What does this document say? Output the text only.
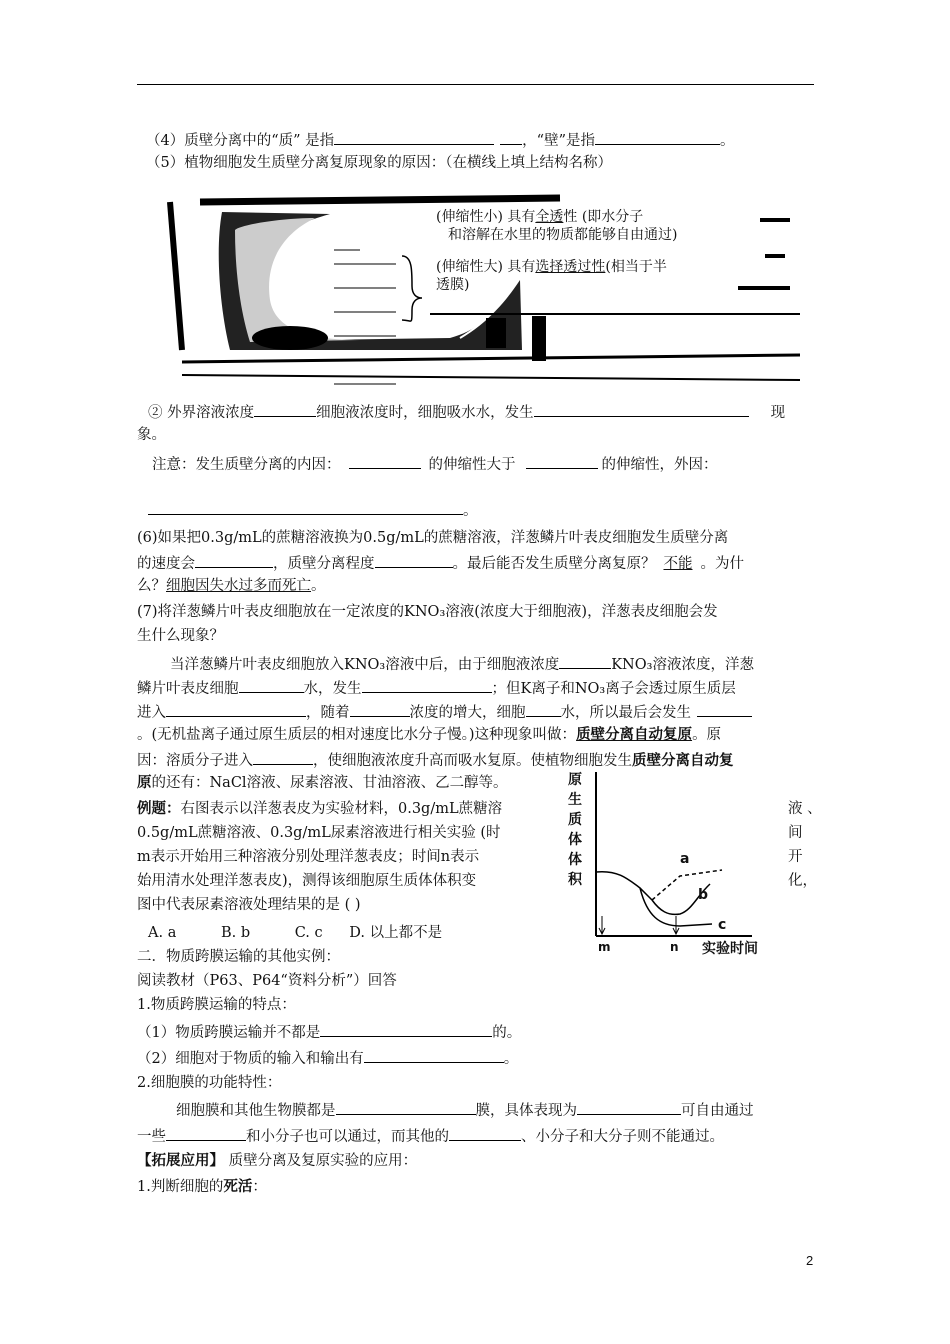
（4）质壁分离中的“质” 是指	，“壁”是指	。
（5）植物细胞发生质壁分离复原现象的原因：（在横线上填上结构名称）
(伸缩性小) 具有全透性 (即水分子
和溶解在水里的物质都能够自由通过)
(伸缩性大) 具有选择透过性(相当于半
透膜)
② 外界溶液浓度	细胞液浓度时，细胞吸水水，发生	现
象。
注意：发生质壁分离的内因：	的伸缩性大于	的伸缩性，外因：
。
(6)如果把0.3g/mL的蔗糖溶液换为0.5g/mL的蔗糖溶液，洋葱鳞片叶表皮细胞发生质壁分离
的速度会	，质壁分离程度	。最后能否发生质壁分离复原？ 不能 。为什
么？细胞因失水过多而死亡。
(7)将洋葱鳞片叶表皮细胞放在一定浓度的KNO₃溶液(浓度大于细胞液)，洋葱表皮细胞会发
生什么现象？
当洋葱鳞片叶表皮细胞放入KNO₃溶液中后，由于细胞液浓度	KNO₃溶液浓度，洋葱
鳞片叶表皮细胞	水，发生	；但K离子和NO₃离子会透过原生质层
进入	，随着	浓度的增大，细胞 水，所以最后会发生
。(无机盐离子通过原生质层的相对速度比水分子慢。)这种现象叫做：质壁分离自动复原。原
因：溶质分子进入	，使细胞液浓度升高而吸水复原。使植物细胞发生质壁分离自动复
原的还有：NaCl溶液、尿素溶液、甘油溶液、乙二醇等。
例题：右图表示以洋葱表皮为实验材料，0.3g/mL蔗糖溶
0.5g/mL蔗糖溶液、0.3g/mL尿素溶液进行相关实验 (时
m表示开始用三种溶液分别处理洋葱表皮；时间n表示
始用清水处理洋葱表皮)，测得该细胞原生质体体积变
图中代表尿素溶液处理结果的是 ( )
A. a	B. b	C. c D. 以上都不是
液 、
间
开
化，
原
生
质
体
体
积
m	n 实验时间
a
b
c
二．物质跨膜运输的其他实例：
阅读教材（P63、P64“资料分析”）回答
1.物质跨膜运输的特点：
（1）物质跨膜运输并不都是	的。
（2）细胞对于物质的输入和输出有	。
2.细胞膜的功能特性：
细胞膜和其他生物膜都是	膜，具体表现为	可自由通过
一些	和小分子也可以通过，而其他的	、小分子和大分子则不能通过。
【拓展应用】 质壁分离及复原实验的应用：
1.判断细胞的死活：
2
